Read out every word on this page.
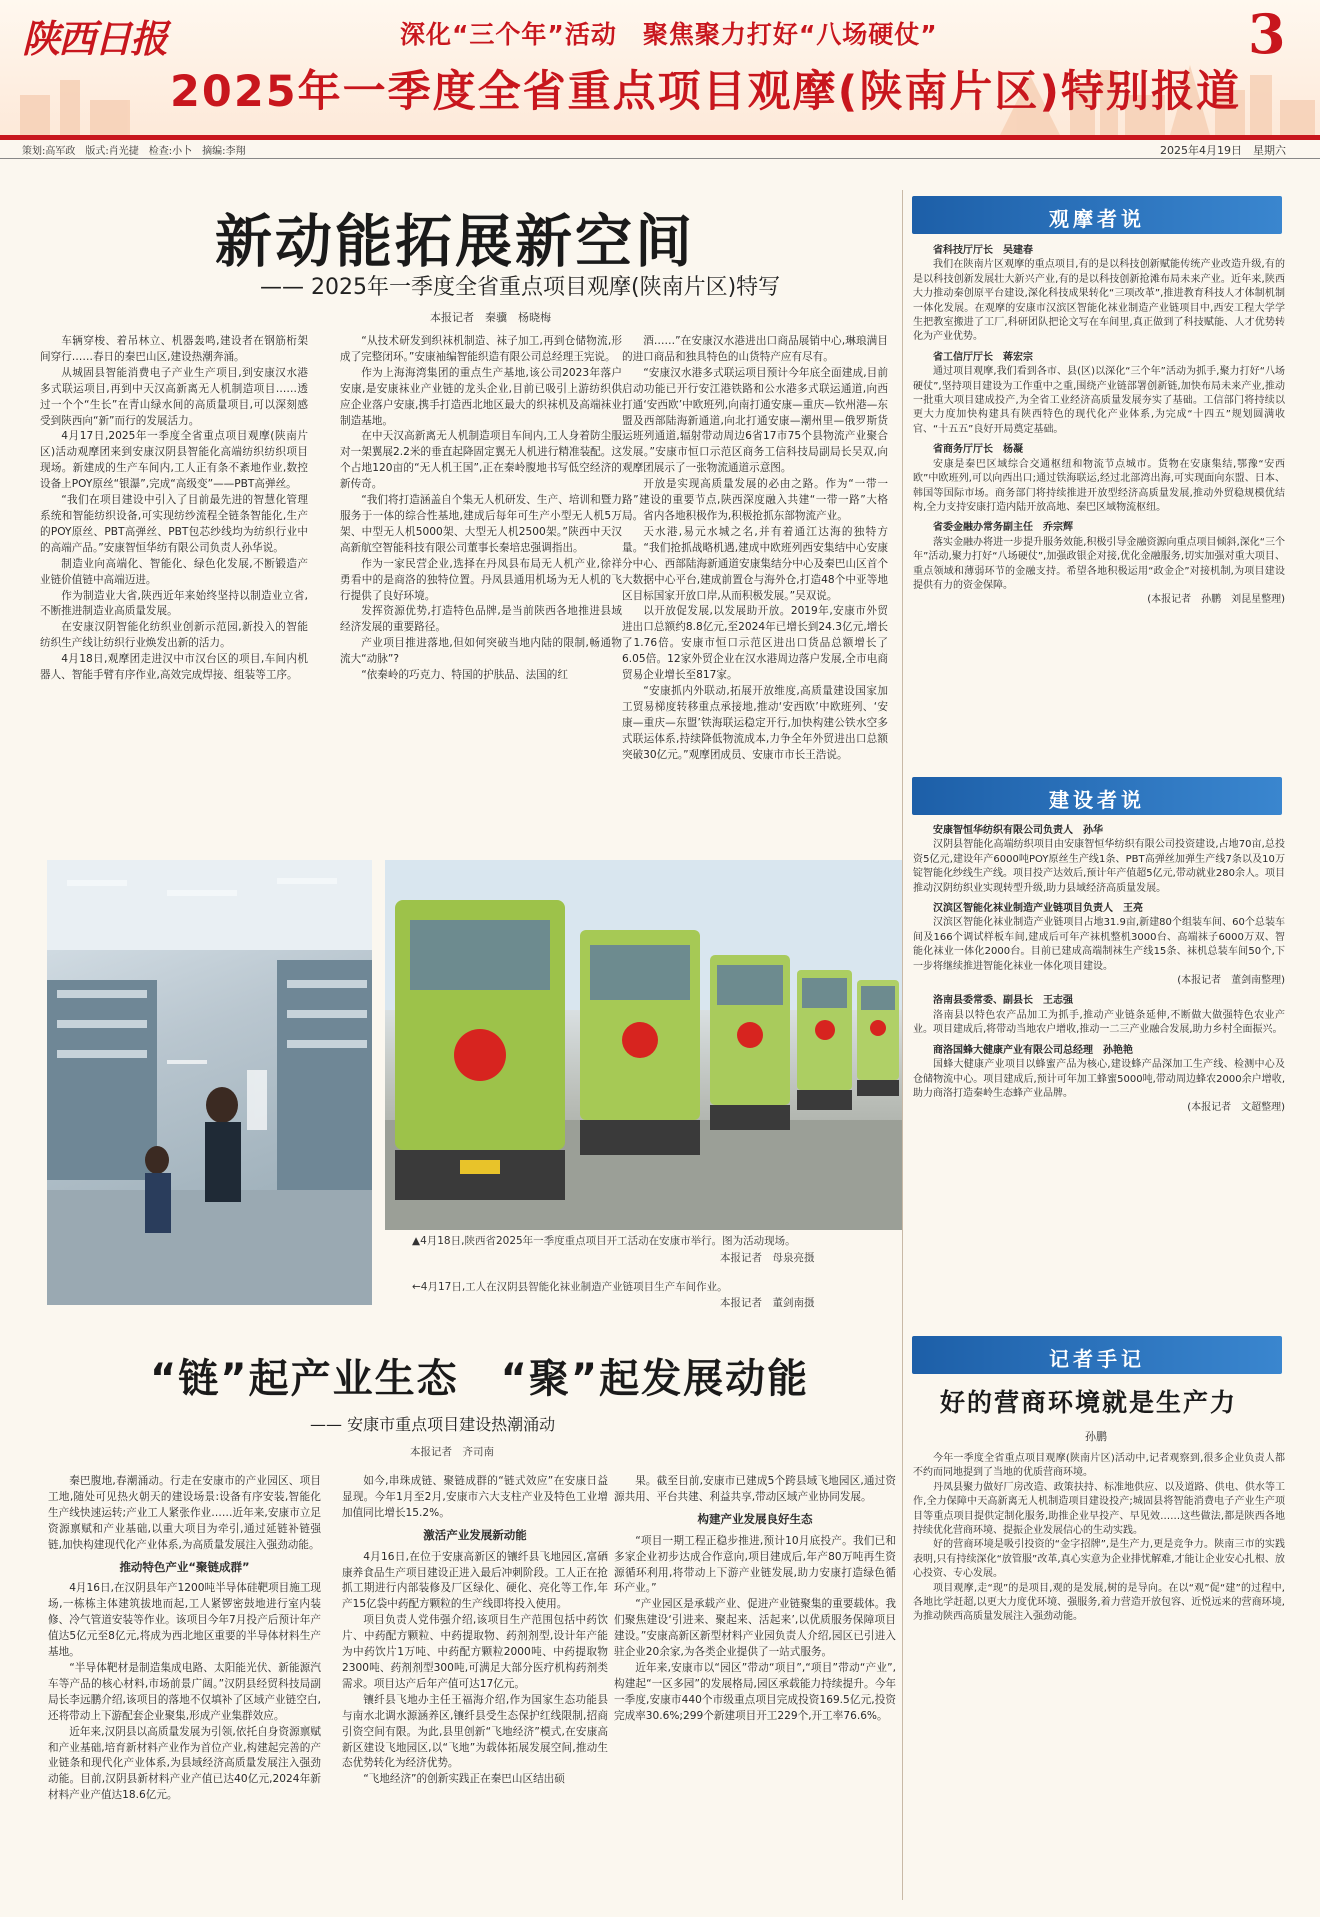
陕西日报	深化“三个年”活动　聚焦聚力打好“八场硬仗”	3
2025年一季度全省重点项目观摩(陕南片区)特别报道
策划:高军政　版式:肖光捷　检查:小卜　摘编:李翔	2025年4月19日　星期六
新动能拓展新空间
—— 2025年一季度全省重点项目观摩(陕南片区)特写
本报记者　秦骥　杨晓梅

车辆穿梭、着吊林立、机器轰鸣,建设者在钢筋桁架间穿行……春日的秦巴山区,建设热潮奔涌。

从城固县智能消费电子产业生产项目,到安康汉水港多式联运项目,再到中天汉高新离无人机制造项目……透过一个个“生长”在青山绿水间的高质量项目,可以深刻感受到陕西向“新”而行的发展活力。

4月17日,2025年一季度全省重点项目观摩(陕南片区)活动观摩团来到安康汉阴县智能化高端纺织纺织项目现场。新建成的生产车间内,工人正有条不紊地作业,数控设备上POY原丝“银瀑”,完成“高级变”——PBT高弹丝。

“我们在项目建设中引入了目前最先进的智慧化管理系统和智能纺织设备,可实现纺纱流程全链条智能化,生产的POY原丝、PBT高弹丝、PBT包芯纱线均为纺织行业中的高端产品。”安康智恒华纺有限公司负责人孙华说。

制造业向高端化、智能化、绿色化发展,不断锻造产业链价值链中高端迈进。

作为制造业大省,陕西近年来始终坚持以制造业立省,不断推进制造业高质量发展。

在安康汉阴智能化纺织业创新示范园,新投入的智能纺织生产线让纺织行业焕发出新的活力。

4月18日,观摩团走进汉中市汉台区的项目,车间内机器人、智能手臂有序作业,高效完成焊接、组装等工序。

“从技术研发到织袜机制造、袜子加工,再到仓储物流,形成了完整闭环。”安康袖编智能织造有限公司总经理王宪说。

作为上海海湾集团的重点生产基地,该公司2023年落户安康,是安康袜业产业链的龙头企业,目前已吸引上游纺织供应企业落户安康,携手打造西北地区最大的织袜机及高端袜业制造基地。

在中天汉高新离无人机制造项目车间内,工人身着防尘服对一架翼展2.2米的垂直起降固定翼无人机进行精准装配。这个占地120亩的“无人机王国”,正在秦岭腹地书写低空经济的新传奇。

“我们将打造涵盖自个集无人机研发、生产、培训和暨力服务于一体的综合性基地,建成后每年可生产小型无人机5万架、中型无人机5000架、大型无人机2500架。”陕西中天汉高新航空智能科技有限公司董事长秦培忠强调指出。

作为一家民营企业,选择在丹凤县布局无人机产业,徐祥勇看中的是商洛的独特位置。丹凤县通用机场为无人机的飞行提供了良好环境。

发挥资源优势,打造特色品牌,是当前陕西各地推进县域经济发展的重要路径。

产业项目推进落地,但如何突破当地内陆的限制,畅通物流大“动脉”?

“依秦岭的巧克力、特国的护肤品、法国的红

酒……”在安康汉水港进出口商品展销中心,琳琅满目的进口商品和独具特色的山货特产应有尽有。

“安康汉水港多式联运项目预计今年底全面建成,目前启动功能已开行安江港铁路和公水港多式联运通道,向西打通‘安西欧’中欧班列,向南打通安康—重庆—钦州港—东盟及西部陆海新通道,向北打通安康—潮州里—俄罗斯货运班列通道,辐射带动周边6省17市75个县物流产业聚合发展。”安康市恒口示范区商务工信科技局副局长吴双,向观摩团展示了一张物流通道示意图。

开放是实现高质量发展的必由之路。作为“一带一路”建设的重要节点,陕西深度融入共建“一带一路”大格局。省内各地积极作为,积极抢抓东部物流产业。

天水港,易元水城之名,并有着通江达海的独特方量。“我们抢抓战略机遇,建成中欧班列西安集结中心安康分中心、西部陆海新通道安康集结分中心及秦巴山区首个大数据中心平台,建成前置仓与海外仓,打造48个中亚等地区目标国家开放口岸,从而积极发展。”吴双说。

以开放促发展,以发展助开放。2019年,安康市外贸进出口总额约8.8亿元,至2024年已增长到24.3亿元,增长了1.76倍。安康市恒口示范区进出口货品总额增长了6.05倍。12家外贸企业在汉水港周边落户发展,全市电商贸易企业增长至817家。

“安康抓内外联动,拓展开放维度,高质量建设国家加工贸易梯度转移重点承接地,推动‘安西欧’中欧班列、‘安康—重庆—东盟’铁海联运稳定开行,加快构建公铁水空多式联运体系,持续降低物流成本,力争全年外贸进出口总额突破30亿元。”观摩团成员、安康市市长王浩说。

▲4月18日,陕西省2025年一季度重点项目开工活动在安康市举行。图为活动现场。
本报记者　母泉亮摄
←4月17日,工人在汉阴县智能化袜业制造产业链项目生产车间作业。
本报记者　董剑南摄
“链”起产业生态　“聚”起发展动能
—— 安康市重点项目建设热潮涌动
本报记者　齐司南

秦巴腹地,春潮涌动。行走在安康市的产业园区、项目工地,随处可见热火朝天的建设场景:设备有序安装,智能化生产线快速运转;产业工人紧张作业……近年来,安康市立足资源禀赋和产业基础,以重大项目为牵引,通过延链补链强链,加快构建现代化产业体系,为高质量发展注入强劲动能。

推动特色产业“聚链成群”

4月16日,在汉阴县年产1200吨半导体硅靶项目施工现场,一栋栋主体建筑拔地而起,工人紧锣密鼓地进行室内装修、冷气管道安装等作业。该项目今年7月投产后预计年产值达5亿元至8亿元,将成为西北地区重要的半导体材料生产基地。

“半导体靶材是制造集成电路、太阳能光伏、新能源汽车等产品的核心材料,市场前景广阔。”汉阴县经贸科技局副局长李远鹏介绍,该项目的落地不仅填补了区域产业链空白,还将带动上下游配套企业聚集,形成产业集群效应。

近年来,汉阴县以高质量发展为引领,依托自身资源禀赋和产业基础,培育新材料产业作为首位产业,构建起完善的产业链条和现代化产业体系,为县域经济高质量发展注入强劲动能。目前,汉阴县新材料产业产值已达40亿元,2024年新材料产业产值达18.6亿元。

如今,串珠成链、聚链成群的“链式效应”在安康日益显现。今年1月至2月,安康市六大支柱产业及特色工业增加值同比增长15.2%。

激活产业发展新动能

4月16日,在位于安康高新区的镶纤县飞地园区,富硒康养食品生产项目建设正进入最后冲刺阶段。工人正在抢抓工期进行内部装修及厂区绿化、硬化、亮化等工作,年产15亿袋中药配方颗粒的生产线即将投入使用。

项目负责人党伟强介绍,该项目生产范围包括中药饮片、中药配方颗粒、中药提取物、药剂剂型,设计年产能为中药饮片1万吨、中药配方颗粒2000吨、中药提取物2300吨、药剂剂型300吨,可满足大部分医疗机构药剂类需求。项目达产后年产值可达17亿元。

镶纤县飞地办主任王福海介绍,作为国家生态功能县与南水北调水源涵养区,镶纤县受生态保护红线限制,招商引资空间有限。为此,县里创新“飞地经济”模式,在安康高新区建设飞地园区,以“飞地”为载体拓展发展空间,推动生态优势转化为经济优势。

“飞地经济”的创新实践正在秦巴山区结出硕

果。截至目前,安康市已建成5个跨县域飞地园区,通过资源共用、平台共建、利益共享,带动区域产业协同发展。

构建产业发展良好生态

“项目一期工程正稳步推进,预计10月底投产。我们已和多家企业初步达成合作意向,项目建成后,年产80万吨再生资源循环利用,将带动上下游产业链发展,助力安康打造绿色循环产业。”

“产业园区是承载产业、促进产业链聚集的重要载体。我们聚焦建设‘引进来、聚起来、活起来’,以优质服务保障项目建设。”安康高新区新型材料产业园负责人介绍,园区已引进入驻企业20余家,为各类企业提供了一站式服务。

近年来,安康市以“园区”带动“项目”,“项目”带动“产业”,构建起“一区多园”的发展格局,园区承载能力持续提升。今年一季度,安康市440个市级重点项目完成投资169.5亿元,投资完成率30.6%;299个新建项目开工229个,开工率76.6%。

观摩者说

省科技厅厅长　吴建春

我们在陕南片区观摩的重点项目,有的是以科技创新赋能传统产业改造升级,有的是以科技创新发展壮大新兴产业,有的是以科技创新抢滩布局未来产业。近年来,陕西大力推动秦创原平台建设,深化科技成果转化“三项改革”,推进教育科技人才体制机制一体化发展。在观摩的安康市汉滨区智能化袜业制造产业链项目中,西安工程大学学生把教室搬进了工厂,科研团队把论文写在车间里,真正做到了科技赋能、人才优势转化为产业优势。

省工信厅厅长　蒋宏宗

通过项目观摩,我们看到各市、县(区)以深化“三个年”活动为抓手,聚力打好“八场硬仗”,坚持项目建设为工作重中之重,围绕产业链部署创新链,加快布局未来产业,推动一批重大项目建成投产,为全省工业经济高质量发展夯实了基础。工信部门将持续以更大力度加快构建具有陕西特色的现代化产业体系,为完成“十四五”规划圆满收官、“十五五”良好开局奠定基础。

省商务厅厅长　杨凝

安康是秦巴区域综合交通枢纽和物流节点城市。货物在安康集结,鄂豫“安西欧”中欧班列,可以向西出口;通过铁海联运,经过北部湾出海,可实现面向东盟、日本、韩国等国际市场。商务部门将持续推进开放型经济高质量发展,推动外贸稳规模优结构,全力支持安康打造内陆开放高地、秦巴区域物流枢纽。

省委金融办常务副主任　乔宗辉

落实金融办将进一步提升服务效能,积极引导金融资源向重点项目倾斜,深化“三个年”活动,聚力打好“八场硬仗”,加强政银企对接,优化金融服务,切实加强对重大项目、重点领域和薄弱环节的金融支持。希望各地积极运用“政金企”对接机制,为项目建设提供有力的资金保障。

(本报记者　孙鹏　刘昆星整理)

建设者说

安康智恒华纺织有限公司负责人　孙华

汉阴县智能化高端纺织项目由安康智恒华纺织有限公司投资建设,占地70亩,总投资5亿元,建设年产6000吨POY原丝生产线1条、PBT高弹丝加弹生产线7条以及10万锭智能化纱线生产线。项目投产达效后,预计年产值超5亿元,带动就业280余人。项目推动汉阴纺织业实现转型升级,助力县域经济高质量发展。

汉滨区智能化袜业制造产业链项目负责人　王亮

汉滨区智能化袜业制造产业链项目占地31.9亩,新建80个组装车间、60个总装车间及166个调试样板车间,建成后可年产袜机整机3000台、高端袜子6000万双、智能化袜业一体化2000台。目前已建成高端制袜生产线15条、袜机总装车间50个,下一步将继续推进智能化袜业一体化项目建设。

(本报记者　董剑南整理)

洛南县委常委、副县长　王志强

洛南县以特色农产品加工为抓手,推动产业链条延伸,不断做大做强特色农业产业。项目建成后,将带动当地农户增收,推动一二三产业融合发展,助力乡村全面振兴。

商洛国蜂大健康产业有限公司总经理　孙艳艳

国蜂大健康产业项目以蜂蜜产品为核心,建设蜂产品深加工生产线、检测中心及仓储物流中心。项目建成后,预计可年加工蜂蜜5000吨,带动周边蜂农2000余户增收,助力商洛打造秦岭生态蜂产业品牌。

(本报记者　文超整理)

记者手记
好的营商环境就是生产力
孙鹏

今年一季度全省重点项目观摩(陕南片区)活动中,记者观察到,很多企业负责人都不约而同地提到了当地的优质营商环境。

丹凤县聚力做好厂房改造、政策扶持、标准地供应、以及道路、供电、供水等工作,全力保障中天高新离无人机制造项目建设投产;城固县将智能消费电子产业生产项目等重点项目提供定制化服务,助推企业早投产、早见效……这些做法,都是陕西各地持续优化营商环境、提振企业发展信心的生动实践。

好的营商环境是吸引投资的“金字招牌”,是生产力,更是竞争力。陕南三市的实践表明,只有持续深化“放管服”改革,真心实意为企业排忧解难,才能让企业安心扎根、放心投资、专心发展。

项目观摩,走“现”的是项目,观的是发展,树的是导向。在以“观”促“建”的过程中,各地比学赶超,以更大力度优环境、强服务,着力营造开放包容、近悦远来的营商环境,为推动陕西高质量发展注入强劲动能。
